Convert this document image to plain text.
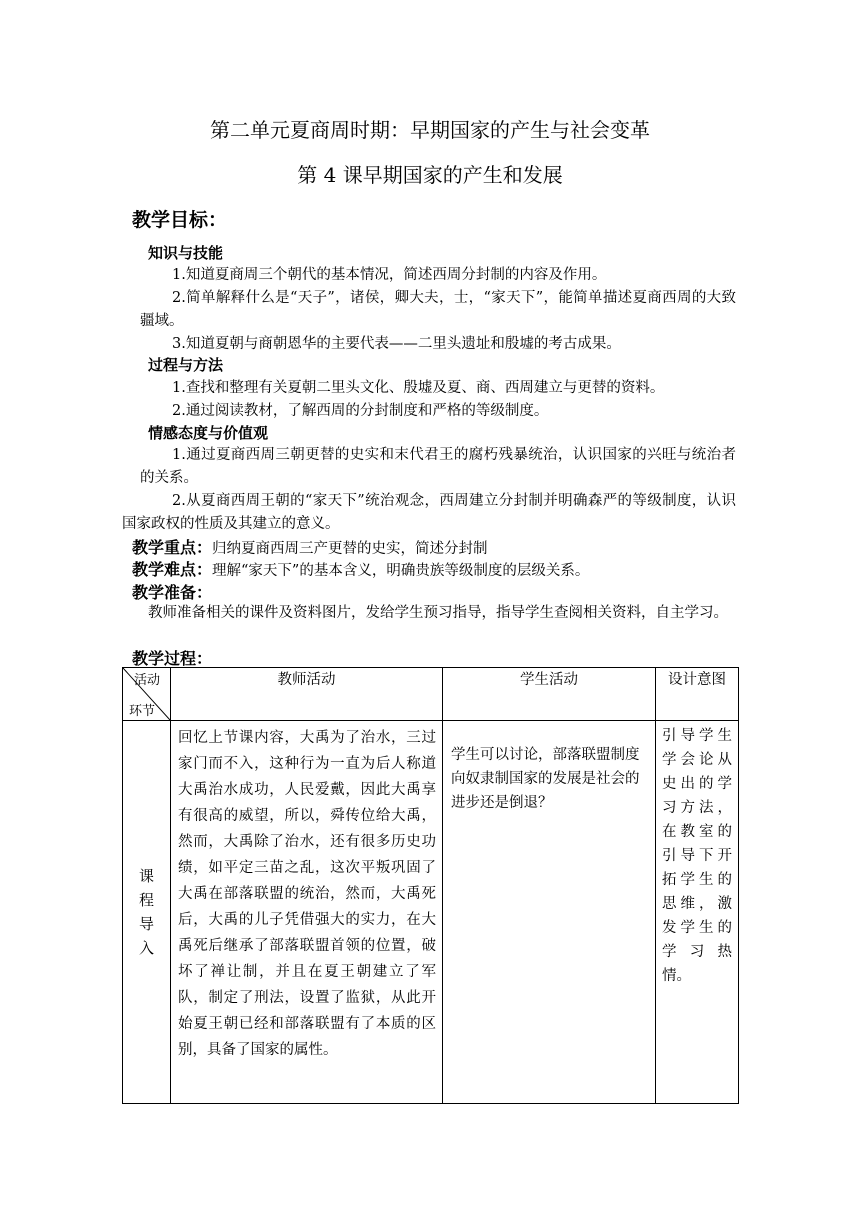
第二单元夏商周时期：早期国家的产生与社会变革
第 4 课早期国家的产生和发展
教学目标：
知识与技能
1.知道夏商周三个朝代的基本情况，简述西周分封制的内容及作用。
2.简单解释什么是“天子”，诸侯，卿大夫，士，“家天下”，能简单描述夏商西周的大致疆域。
3.知道夏朝与商朝恩华的主要代表——二里头遗址和殷墟的考古成果。
过程与方法
1.查找和整理有关夏朝二里头文化、殷墟及夏、商、西周建立与更替的资料。
2.通过阅读教材，了解西周的分封制度和严格的等级制度。
情感态度与价值观
1.通过夏商西周三朝更替的史实和末代君王的腐朽残暴统治，认识国家的兴旺与统治者的关系。
2.从夏商西周王朝的“家天下”统治观念，西周建立分封制并明确森严的等级制度，认识国家政权的性质及其建立的意义。
教学重点：归纳夏商西周三产更替的史实，简述分封制
教学难点：理解“家天下”的基本含义，明确贵族等级制度的层级关系。
教学准备：
教师准备相关的课件及资料图片，发给学生预习指导，指导学生查阅相关资料，自主学习。
教学过程：
活动
环节	教师活动	学生活动	设计意图

课程导入	回忆上节课内容，大禹为了治水，三过家门而不入，这种行为一直为后人称道大禹治水成功，人民爱戴，因此大禹享有很高的威望，所以，舜传位给大禹，然而，大禹除了治水，还有很多历史功绩，如平定三苗之乱，这次平叛巩固了大禹在部落联盟的统治，然而，大禹死后，大禹的儿子凭借强大的实力，在大禹死后继承了部落联盟首领的位置，破坏了禅让制，并且在夏王朝建立了军队，制定了刑法，设置了监狱，从此开始夏王朝已经和部落联盟有了本质的区别，具备了国家的属性。	学生可以讨论，部落联盟制度向奴隶制国家的发展是社会的进步还是倒退？	引导学生学会论从史出的学习方法，在教室的引导下开拓学生的思维，激发学生的学习热情。
